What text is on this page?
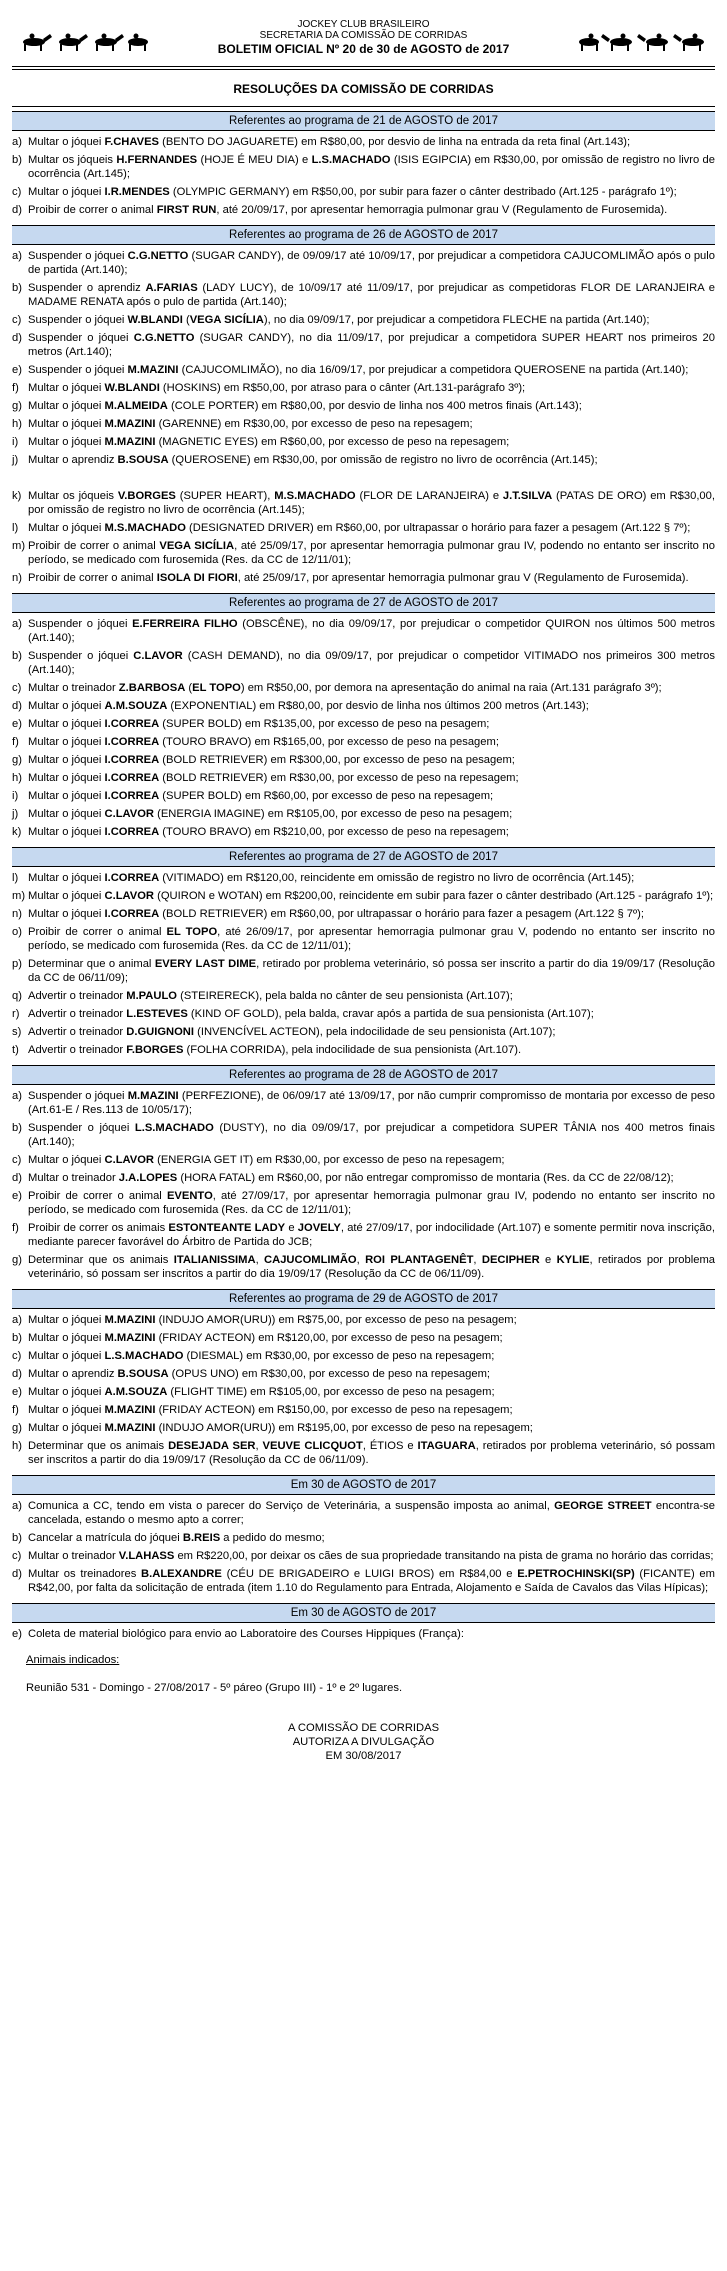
JOCKEY CLUB BRASILEIRO
SECRETARIA DA COMISSÃO DE CORRIDAS
BOLETIM OFICIAL Nº 20 de 30 de AGOSTO de 2017
RESOLUÇÕES DA COMISSÃO DE CORRIDAS
Referentes ao programa de 21 de AGOSTO de 2017
a) Multar o jóquei F.CHAVES (BENTO DO JAGUARETE) em R$80,00, por desvio de linha na entrada da reta final (Art.143);
b) Multar os jóqueis H.FERNANDES (HOJE É MEU DIA) e L.S.MACHADO (ISIS EGIPCIA) em R$30,00, por omissão de registro no livro de ocorrência (Art.145);
c) Multar o jóquei I.R.MENDES (OLYMPIC GERMANY) em R$50,00, por subir para fazer o cânter destribado (Art.125 - parágrafo 1º);
d) Proibir de correr o animal FIRST RUN, até 20/09/17, por apresentar hemorragia pulmonar grau V (Regulamento de Furosemida).
Referentes ao programa de 26 de AGOSTO de 2017
a) Suspender o jóquei C.G.NETTO (SUGAR CANDY), de 09/09/17 até 10/09/17, por prejudicar a competidora CAJUCOMLIMÃO após o pulo de partida (Art.140);
b) Suspender o aprendiz A.FARIAS (LADY LUCY), de 10/09/17 até 11/09/17, por prejudicar as competidoras FLOR DE LARANJEIRA e MADAME RENATA após o pulo de partida (Art.140);
c) Suspender o jóquei W.BLANDI (VEGA SICÍLIA), no dia 09/09/17, por prejudicar a competidora FLECHE na partida (Art.140);
d) Suspender o jóquei C.G.NETTO (SUGAR CANDY), no dia 11/09/17, por prejudicar a competidora SUPER HEART nos primeiros 20 metros (Art.140);
e) Suspender o jóquei M.MAZINI (CAJUCOMLIMÃO), no dia 16/09/17, por prejudicar a competidora QUEROSENE na partida (Art.140);
f) Multar o jóquei W.BLANDI (HOSKINS) em R$50,00, por atraso para o cânter (Art.131-parágrafo 3º);
g) Multar o jóquei M.ALMEIDA (COLE PORTER) em R$80,00, por desvio de linha nos 400 metros finais (Art.143);
h) Multar o jóquei M.MAZINI (GARENNE) em R$30,00, por excesso de peso na repesagem;
i) Multar o jóquei M.MAZINI (MAGNETIC EYES) em R$60,00, por excesso de peso na repesagem;
j) Multar o aprendiz B.SOUSA (QUEROSENE) em R$30,00, por omissão de registro no livro de ocorrência (Art.145);
k) Multar os jóqueis V.BORGES (SUPER HEART), M.S.MACHADO (FLOR DE LARANJEIRA) e J.T.SILVA (PATAS DE ORO) em R$30,00, por omissão de registro no livro de ocorrência (Art.145);
l) Multar o jóquei M.S.MACHADO (DESIGNATED DRIVER) em R$60,00, por ultrapassar o horário para fazer a pesagem (Art.122 § 7º);
m) Proibir de correr o animal VEGA SICÍLIA, até 25/09/17, por apresentar hemorragia pulmonar grau IV, podendo no entanto ser inscrito no período, se medicado com furosemida (Res. da CC de 12/11/01);
n) Proibir de correr o animal ISOLA DI FIORI, até 25/09/17, por apresentar hemorragia pulmonar grau V (Regulamento de Furosemida).
Referentes ao programa de 27 de AGOSTO de 2017
a) Suspender o jóquei E.FERREIRA FILHO (OBSCÊNE), no dia 09/09/17, por prejudicar o competidor QUIRON nos últimos 500 metros (Art.140);
b) Suspender o jóquei C.LAVOR (CASH DEMAND), no dia 09/09/17, por prejudicar o competidor VITIMADO nos primeiros 300 metros (Art.140);
c) Multar o treinador Z.BARBOSA (EL TOPO) em R$50,00, por demora na apresentação do animal na raia (Art.131 parágrafo 3º);
d) Multar o jóquei A.M.SOUZA (EXPONENTIAL) em R$80,00, por desvio de linha nos últimos 200 metros (Art.143);
e) Multar o jóquei I.CORREA (SUPER BOLD) em R$135,00, por excesso de peso na pesagem;
f) Multar o jóquei I.CORREA (TOURO BRAVO) em R$165,00, por excesso de peso na pesagem;
g) Multar o jóquei I.CORREA (BOLD RETRIEVER) em R$300,00, por excesso de peso na pesagem;
h) Multar o jóquei I.CORREA (BOLD RETRIEVER) em R$30,00, por excesso de peso na repesagem;
i) Multar o jóquei I.CORREA (SUPER BOLD) em R$60,00, por excesso de peso na repesagem;
j) Multar o jóquei C.LAVOR (ENERGIA IMAGINE) em R$105,00, por excesso de peso na pesagem;
k) Multar o jóquei I.CORREA (TOURO BRAVO) em R$210,00, por excesso de peso na repesagem;
Referentes ao programa de 27 de AGOSTO de 2017
l) Multar o jóquei I.CORREA (VITIMADO) em R$120,00, reincidente em omissão de registro no livro de ocorrência (Art.145);
m) Multar o jóquei C.LAVOR (QUIRON e WOTAN) em R$200,00, reincidente em subir para fazer o cânter destribado (Art.125 - parágrafo 1º);
n) Multar o jóquei I.CORREA (BOLD RETRIEVER) em R$60,00, por ultrapassar o horário para fazer a pesagem (Art.122 § 7º);
o) Proibir de correr o animal EL TOPO, até 26/09/17, por apresentar hemorragia pulmonar grau V, podendo no entanto ser inscrito no período, se medicado com furosemida (Res. da CC de 12/11/01);
p) Determinar que o animal EVERY LAST DIME, retirado por problema veterinário, só possa ser inscrito a partir do dia 19/09/17 (Resolução da CC de 06/11/09);
q) Advertir o treinador M.PAULO (STEIRERECK), pela balda no cânter de seu pensionista (Art.107);
r) Advertir o treinador L.ESTEVES (KIND OF GOLD), pela balda, cravar após a partida de sua pensionista (Art.107);
s) Advertir o treinador D.GUIGNONI (INVENCÍVEL ACTEON), pela indocilidade de seu pensionista (Art.107);
t) Advertir o treinador F.BORGES (FOLHA CORRIDA), pela indocilidade de sua pensionista (Art.107).
Referentes ao programa de 28 de AGOSTO de 2017
a) Suspender o jóquei M.MAZINI (PERFEZIONE), de 06/09/17 até 13/09/17, por não cumprir compromisso de montaria por excesso de peso (Art.61-E / Res.113 de 10/05/17);
b) Suspender o jóquei L.S.MACHADO (DUSTY), no dia 09/09/17, por prejudicar a competidora SUPER TÂNIA nos 400 metros finais (Art.140);
c) Multar o jóquei C.LAVOR (ENERGIA GET IT) em R$30,00, por excesso de peso na repesagem;
d) Multar o treinador J.A.LOPES (HORA FATAL) em R$60,00, por não entregar compromisso de montaria (Res. da CC de 22/08/12);
e) Proibir de correr o animal EVENTO, até 27/09/17, por apresentar hemorragia pulmonar grau IV, podendo no entanto ser inscrito no período, se medicado com furosemida (Res. da CC de 12/11/01);
f) Proibir de correr os animais ESTONTEANTE LADY e JOVELY, até 27/09/17, por indocilidade (Art.107) e somente permitir nova inscrição, mediante parecer favorável do Árbitro de Partida do JCB;
g) Determinar que os animais ITALIANISSIMA, CAJUCOMLIMÃO, ROI PLANTAGENÊT, DECIPHER e KYLIE, retirados por problema veterinário, só possam ser inscritos a partir do dia 19/09/17 (Resolução da CC de 06/11/09).
Referentes ao programa de 29 de AGOSTO de 2017
a) Multar o jóquei M.MAZINI (INDUJO AMOR(URU)) em R$75,00, por excesso de peso na pesagem;
b) Multar o jóquei M.MAZINI (FRIDAY ACTEON) em R$120,00, por excesso de peso na pesagem;
c) Multar o jóquei L.S.MACHADO (DIESMAL) em R$30,00, por excesso de peso na repesagem;
d) Multar o aprendiz B.SOUSA (OPUS UNO) em R$30,00, por excesso de peso na repesagem;
e) Multar o jóquei A.M.SOUZA (FLIGHT TIME) em R$105,00, por excesso de peso na pesagem;
f) Multar o jóquei M.MAZINI (FRIDAY ACTEON) em R$150,00, por excesso de peso na repesagem;
g) Multar o jóquei M.MAZINI (INDUJO AMOR(URU)) em R$195,00, por excesso de peso na repesagem;
h) Determinar que os animais DESEJADA SER, VEUVE CLICQUOT, ÉTIOS e ITAGUARA, retirados por problema veterinário, só possam ser inscritos a partir do dia 19/09/17 (Resolução da CC de 06/11/09).
Em 30 de AGOSTO de 2017
a) Comunica a CC, tendo em vista o parecer do Serviço de Veterinária, a suspensão imposta ao animal, GEORGE STREET encontra-se cancelada, estando o mesmo apto a correr;
b) Cancelar a matrícula do jóquei B.REIS a pedido do mesmo;
c) Multar o treinador V.LAHASS em R$220,00, por deixar os cães de sua propriedade transitando na pista de grama no horário das corridas;
d) Multar os treinadores B.ALEXANDRE (CÉU DE BRIGADEIRO e LUIGI BROS) em R$84,00 e E.PETROCHINSKI(SP) (FICANTE) em R$42,00, por falta da solicitação de entrada (item 1.10 do Regulamento para Entrada, Alojamento e Saída de Cavalos das Vilas Hípicas);
Em 30 de AGOSTO de 2017
e) Coleta de material biológico para envio ao Laboratoire des Courses Hippiques (França):
Animais indicados:
Reunião 531 - Domingo - 27/08/2017 - 5º páreo (Grupo III) - 1º e 2º lugares.
A COMISSÃO DE CORRIDAS
AUTORIZA A DIVULGAÇÃO
EM 30/08/2017
